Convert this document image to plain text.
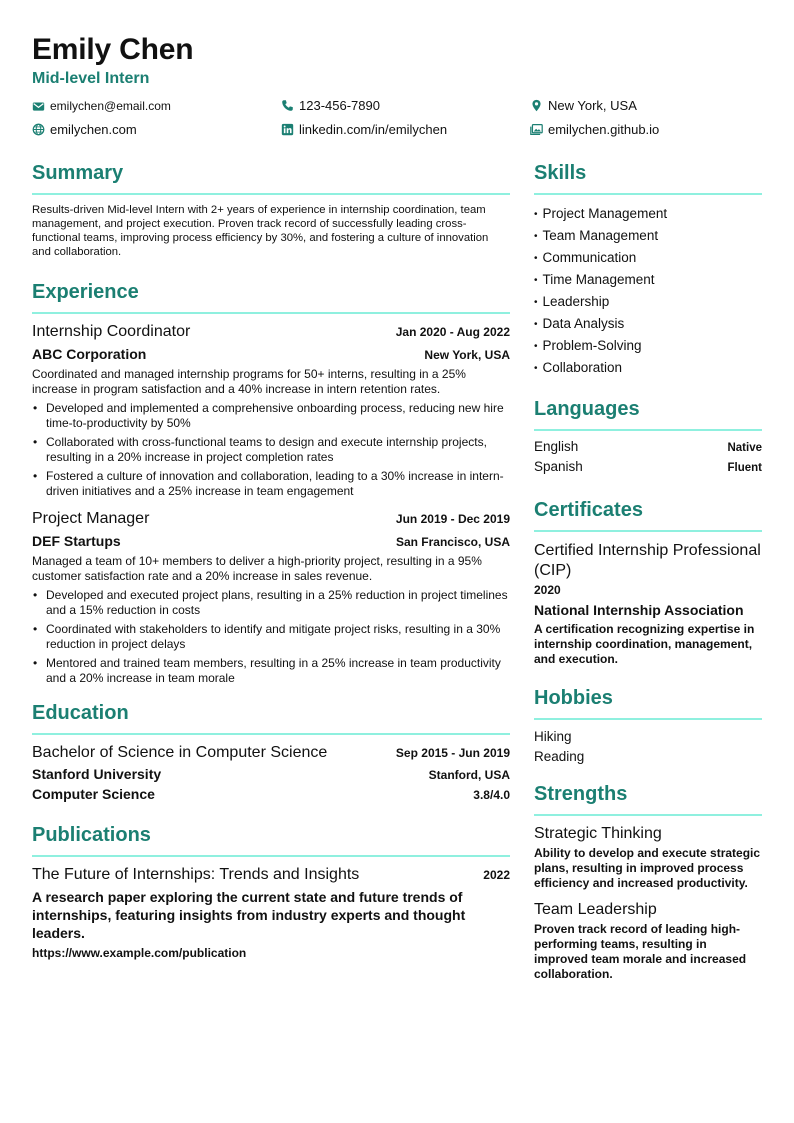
Emily Chen
Mid-level Intern
emilychen@email.com	123-456-7890	New York, USA
emilychen.com	linkedin.com/in/emilychen	emilychen.github.io
Summary
Results-driven Mid-level Intern with 2+ years of experience in internship coordination, team management, and project execution. Proven track record of successfully leading cross-functional teams, improving process efficiency by 30%, and fostering a culture of innovation and collaboration.
Experience
Internship Coordinator	Jan 2020 - Aug 2022
ABC Corporation	New York, USA
Coordinated and managed internship programs for 50+ interns, resulting in a 25% increase in program satisfaction and a 40% increase in intern retention rates.
• Developed and implemented a comprehensive onboarding process, reducing new hire time-to-productivity by 50%
• Collaborated with cross-functional teams to design and execute internship projects, resulting in a 20% increase in project completion rates
• Fostered a culture of innovation and collaboration, leading to a 30% increase in intern-driven initiatives and a 25% increase in team engagement
Project Manager	Jun 2019 - Dec 2019
DEF Startups	San Francisco, USA
Managed a team of 10+ members to deliver a high-priority project, resulting in a 95% customer satisfaction rate and a 20% increase in sales revenue.
• Developed and executed project plans, resulting in a 25% reduction in project timelines and a 15% reduction in costs
• Coordinated with stakeholders to identify and mitigate project risks, resulting in a 30% reduction in project delays
• Mentored and trained team members, resulting in a 25% increase in team productivity and a 20% increase in team morale
Education
Bachelor of Science in Computer Science	Sep 2015 - Jun 2019
Stanford University	Stanford, USA
Computer Science	3.8/4.0
Publications
The Future of Internships: Trends and Insights	2022
A research paper exploring the current state and future trends of internships, featuring insights from industry experts and thought leaders.
https://www.example.com/publication
Skills
• Project Management
• Team Management
• Communication
• Time Management
• Leadership
• Data Analysis
• Problem-Solving
• Collaboration
Languages
English	Native
Spanish	Fluent
Certificates
Certified Internship Professional (CIP)
2020
National Internship Association
A certification recognizing expertise in internship coordination, management, and execution.
Hobbies
Hiking
Reading
Strengths
Strategic Thinking
Ability to develop and execute strategic plans, resulting in improved process efficiency and increased productivity.
Team Leadership
Proven track record of leading high-performing teams, resulting in improved team morale and increased collaboration.
